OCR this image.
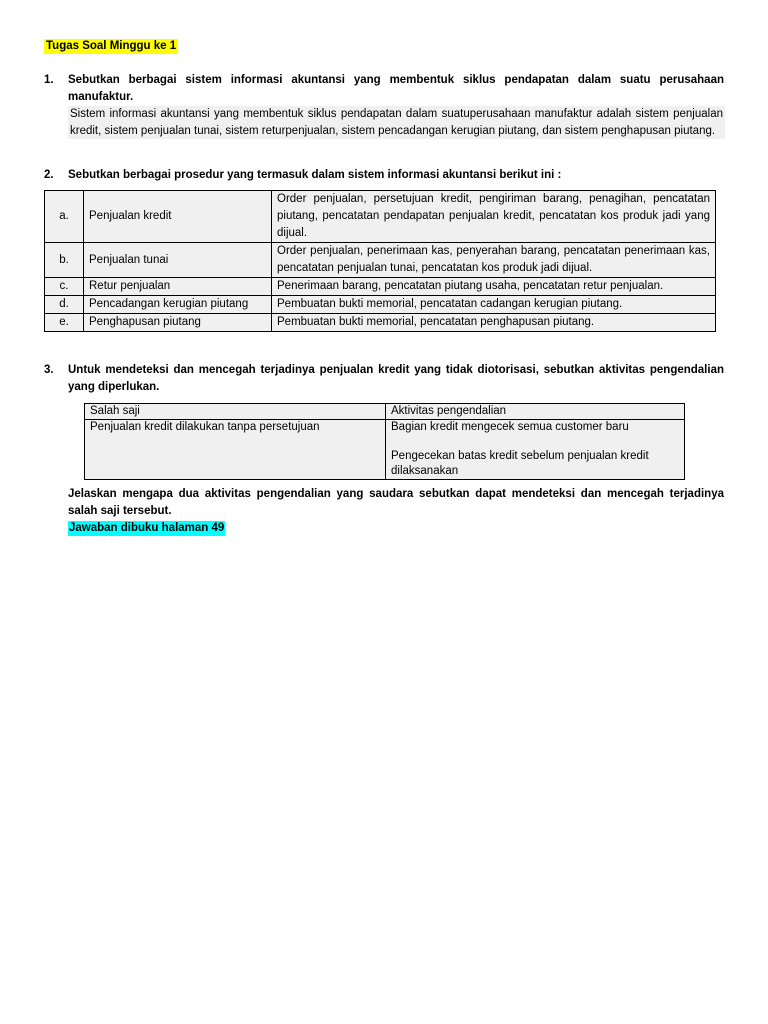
Tugas Soal Minggu ke 1
1. Sebutkan berbagai sistem informasi akuntansi yang membentuk siklus pendapatan dalam suatu perusahaan manufaktur.
Sistem informasi akuntansi yang membentuk siklus pendapatan dalam suatuperusahaan manufaktur adalah sistem penjualan kredit, sistem penjualan tunai, sistem returpenjualan, sistem pencadangan kerugian piutang, dan sistem penghapusan piutang.
2. Sebutkan berbagai prosedur yang termasuk dalam sistem informasi akuntansi berikut ini :
a.	Penjualan kredit	Order penjualan, persetujuan kredit, pengiriman barang, penagihan, pencatatan piutang, pencatatan pendapatan penjualan kredit, pencatatan kos produk jadi yang dijual.
b.	Penjualan tunai	Order penjualan, penerimaan kas, penyerahan barang, pencatatan penerimaan kas, pencatatan penjualan tunai, pencatatan kos produk jadi dijual.
c.	Retur penjualan	Penerimaan barang, pencatatan piutang usaha, pencatatan retur penjualan.
d.	Pencadangan kerugian piutang	Pembuatan bukti memorial, pencatatan cadangan kerugian piutang.
e.	Penghapusan piutang	Pembuatan bukti memorial, pencatatan penghapusan piutang.
3. Untuk mendeteksi dan mencegah terjadinya penjualan kredit yang tidak diotorisasi, sebutkan aktivitas pengendalian yang diperlukan.
Salah saji	Aktivitas pengendalian
Penjualan kredit dilakukan tanpa persetujuan	Bagian kredit mengecek semua customer baru
Pengecekan batas kredit sebelum penjualan kredit dilaksanakan
Jelaskan mengapa dua aktivitas pengendalian yang saudara sebutkan dapat mendeteksi dan mencegah terjadinya salah saji tersebut.
Jawaban dibuku halaman 49
